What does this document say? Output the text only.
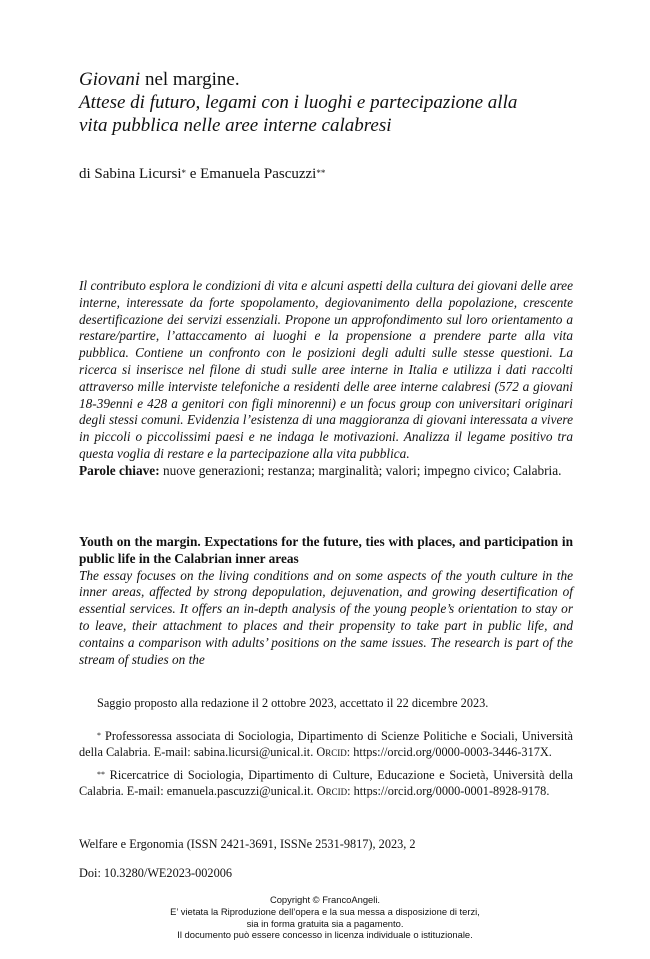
Giovani nel margine.
Attese di futuro, legami con i luoghi e partecipazione alla
vita pubblica nelle aree interne calabresi
di Sabina Licursi* e Emanuela Pascuzzi**

Il contributo esplora le condizioni di vita e alcuni aspetti della cultura dei giovani delle aree interne, interessate da forte spopolamento, degiovanimento della popolazione, crescente desertificazione dei servizi essenziali. Propone un approfondimento sul loro orientamento a restare/partire, l’attaccamento ai luoghi e la propensione a prendere parte alla vita pubblica. Contiene un confronto con le posizioni degli adulti sulle stesse questioni. La ricerca si inserisce nel filone di studi sulle aree interne in Italia e utilizza i dati raccolti attraverso mille interviste telefoniche a residenti delle aree interne calabresi (572 a giovani 18-39enni e 428 a genitori con figli minorenni) e un focus group con universitari originari degli stessi comuni. Evidenzia l’esistenza di una maggioranza di giovani interessata a vivere in piccoli o piccolissimi paesi e ne indaga le motivazioni. Analizza il legame positivo tra questa voglia di restare e la partecipazione alla vita pubblica.

Parole chiave: nuove generazioni; restanza; marginalità; valori; impegno civico; Calabria.

Youth on the margin. Expectations for the future, ties with places, and participation in public life in the Calabrian inner areas

The essay focuses on the living conditions and on some aspects of the youth culture in the inner areas, affected by strong depopulation, dejuvenation, and growing desertification of essential services. It offers an in-depth analysis of the young people’s orientation to stay or to leave, their attachment to places and their propensity to take part in public life, and contains a comparison with adults’ positions on the same issues. The research is part of the stream of studies on the

Saggio proposto alla redazione il 2 ottobre 2023, accettato il 22 dicembre 2023.

* Professoressa associata di Sociologia, Dipartimento di Scienze Politiche e Sociali, Università della Calabria. E-mail: sabina.licursi@unical.it. Orcid: https://orcid.org/0000-0003-3446-317X.

** Ricercatrice di Sociologia, Dipartimento di Culture, Educazione e Società, Università della Calabria. E-mail: emanuela.pascuzzi@unical.it. Orcid: https://orcid.org/0000-0001-8928-9178.

Welfare e Ergonomia (ISSN 2421-3691, ISSNe 2531-9817), 2023, 2
Doi: 10.3280/WE2023-002006
Copyright © FrancoAngeli.
E’ vietata la Riproduzione dell’opera e la sua messa a disposizione di terzi,
sia in forma gratuita sia a pagamento.
Il documento può essere concesso in licenza individuale o istituzionale.
